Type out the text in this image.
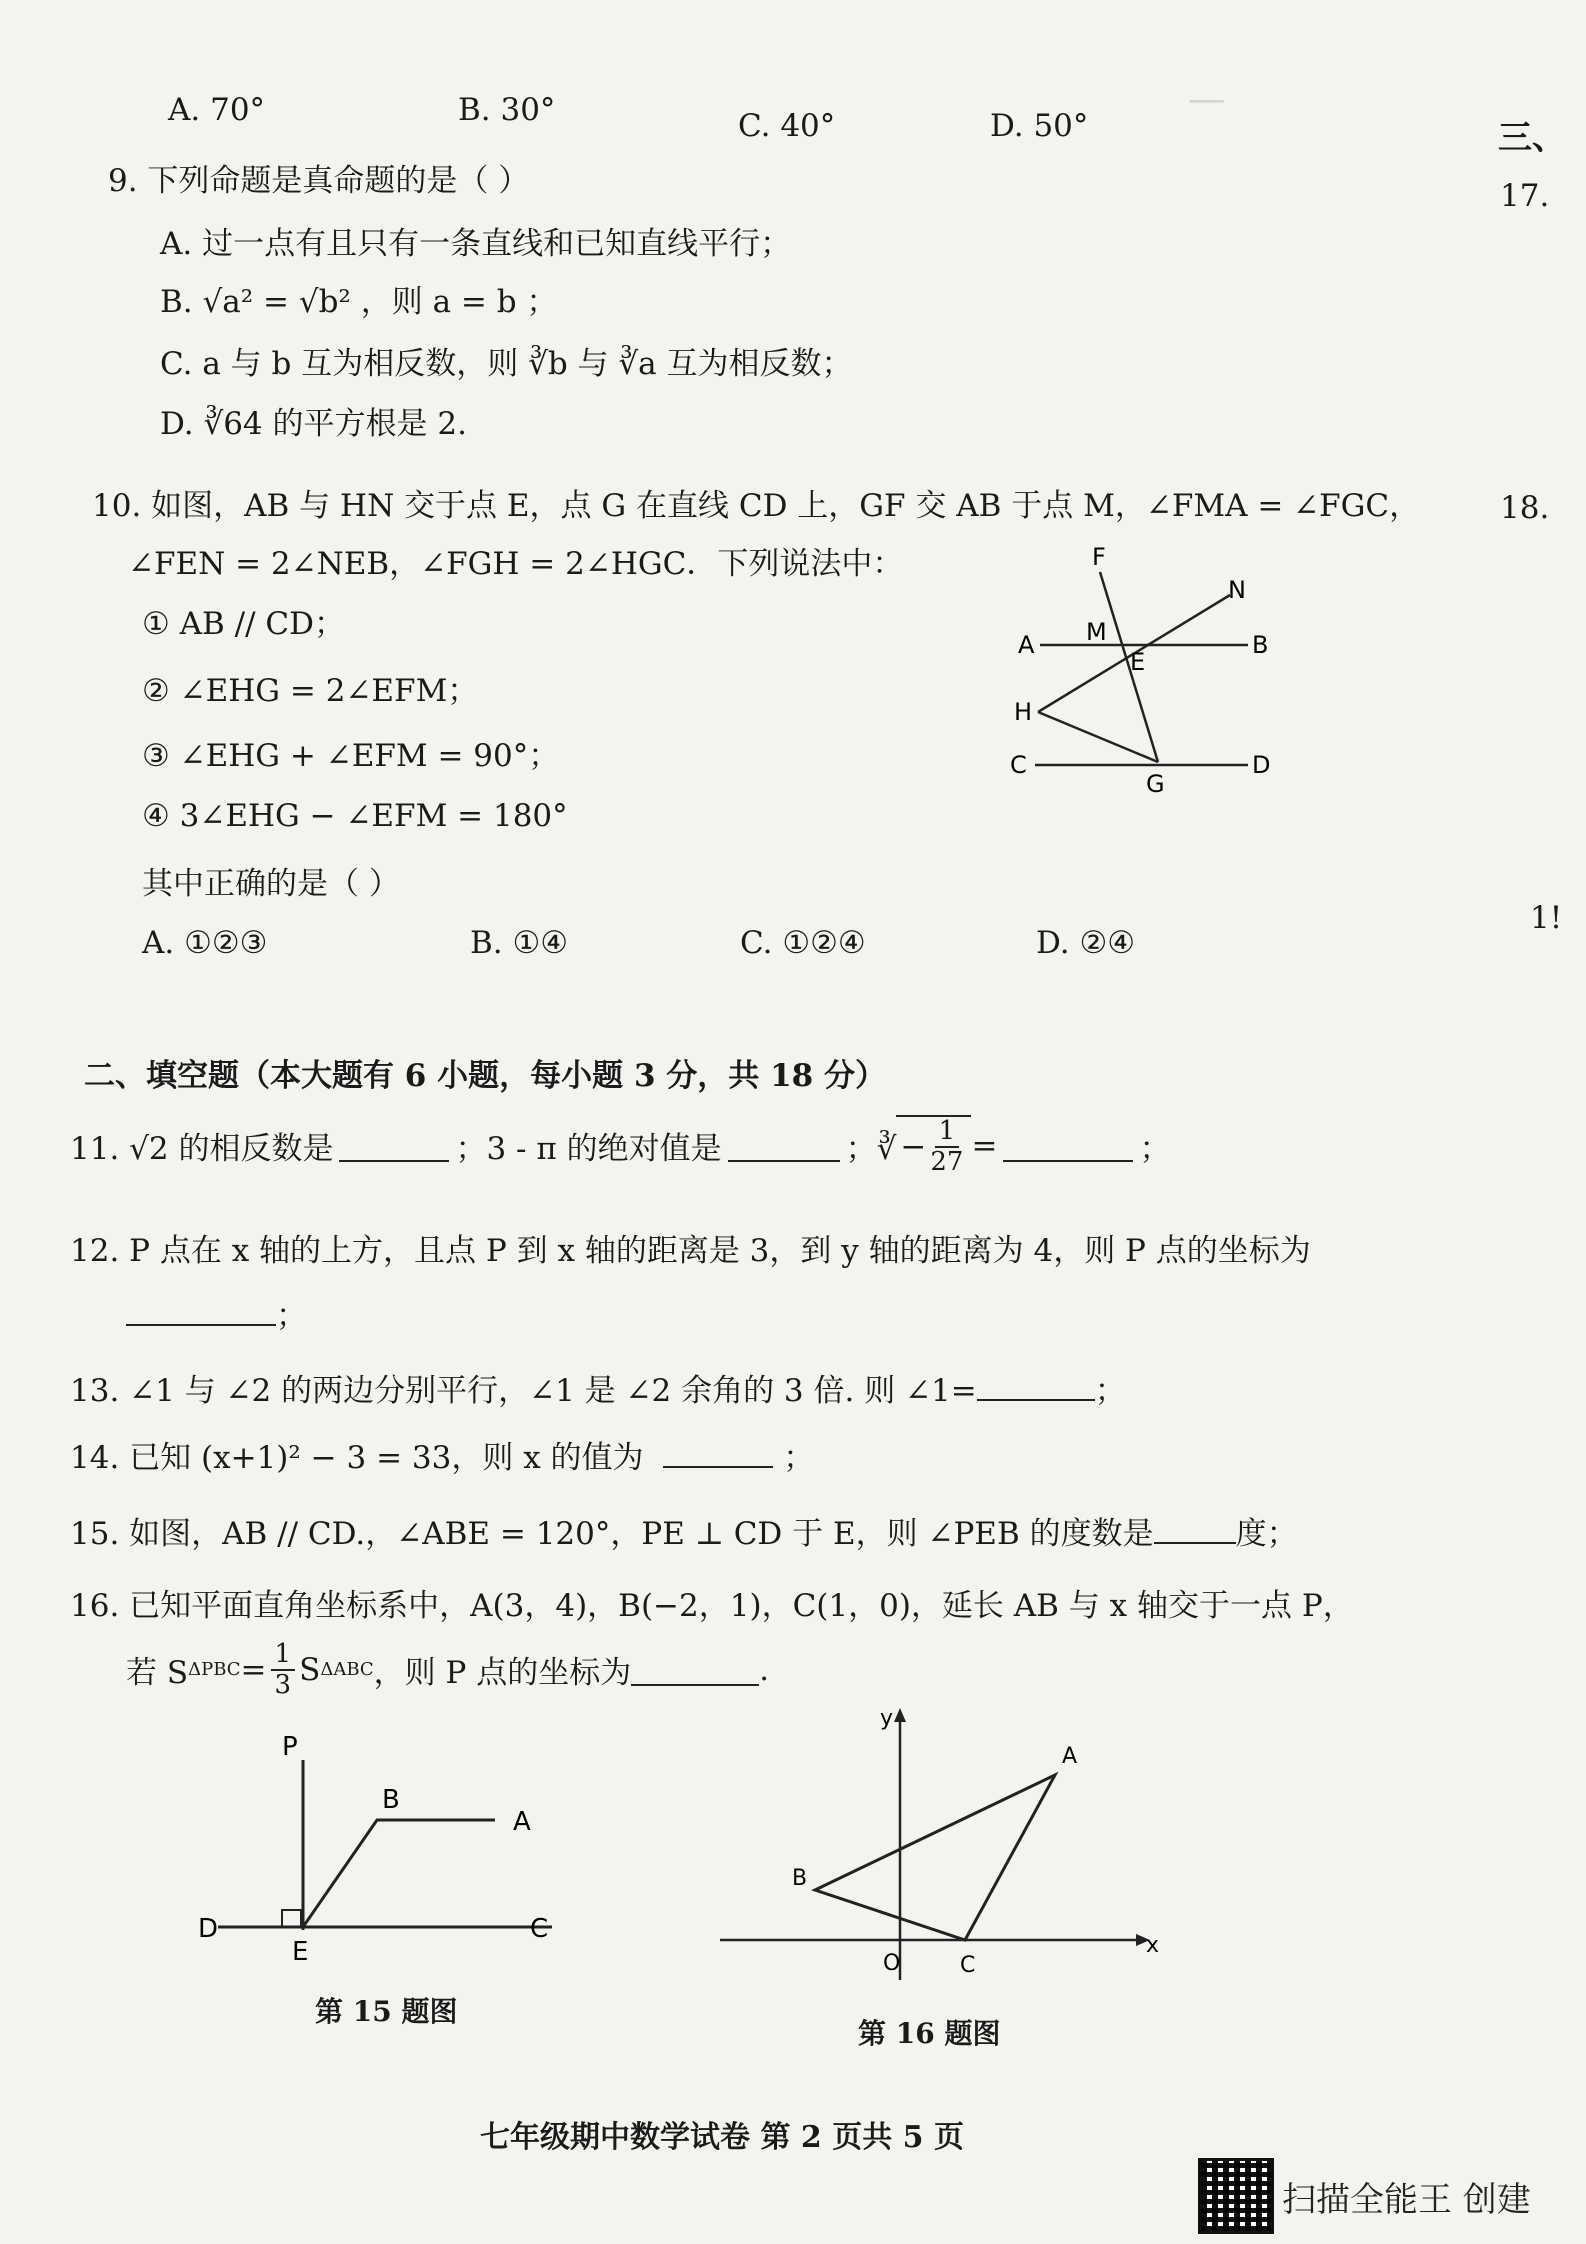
──
A. 70°	B. 30°	C. 40°	D. 50°
9. 下列命题是真命题的是（ ）
A. 过一点有且只有一条直线和已知直线平行；
B. √a² = √b² ，则 a = b ；
C. a 与 b 互为相反数，则 ∛b 与 ∛a 互为相反数；
D. ∛64 的平方根是 2.
10. 如图，AB 与 HN 交于点 E，点 G 在直线 CD 上，GF 交 AB 于点 M，∠FMA = ∠FGC，
∠FEN = 2∠NEB，∠FGH = 2∠HGC．下列说法中：
① AB // CD；
② ∠EHG = 2∠EFM；
③ ∠EHG + ∠EFM = 90°；
④ 3∠EHG − ∠EFM = 180°
其中正确的是（ ）
A. ①②③	B. ①④	C. ①②④	D. ②④
F
N
M
A
E
B
H
C
G
D
二、填空题（本大题有 6 小题，每小题 3 分，共 18 分）
11. √2 的相反数是	；3 - π 的绝对值是	；∛ − $\frac{1}{27}$ =	；
12. P 点在 x 轴的上方，且点 P 到 x 轴的距离是 3，到 y 轴的距离为 4，则 P 点的坐标为
；
13. ∠1 与 ∠2 的两边分别平行，∠1 是 ∠2 余角的 3 倍. 则 ∠1=	；
14. 已知 (x+1)² − 3 = 33，则 x 的值为	；
15. 如图，AB // CD.，∠ABE = 120°，PE ⊥ CD 于 E，则 ∠PEB 的度数是	度；
16. 已知平面直角坐标系中，A(3，4)，B(−2，1)，C(1，0)，延长 AB 与 x 轴交于一点 P，
若 S $\Delta PBC = \frac{1}{3}$ S ΔABC ，则 P 点的坐标为	.
P
B
A
D
E
C
第 15 题图
y
A
B
O	C
x
第 16 题图
三、
17.
18.
1!
七年级期中数学试卷 第 2 页共 5 页
扫描全能王 创建
